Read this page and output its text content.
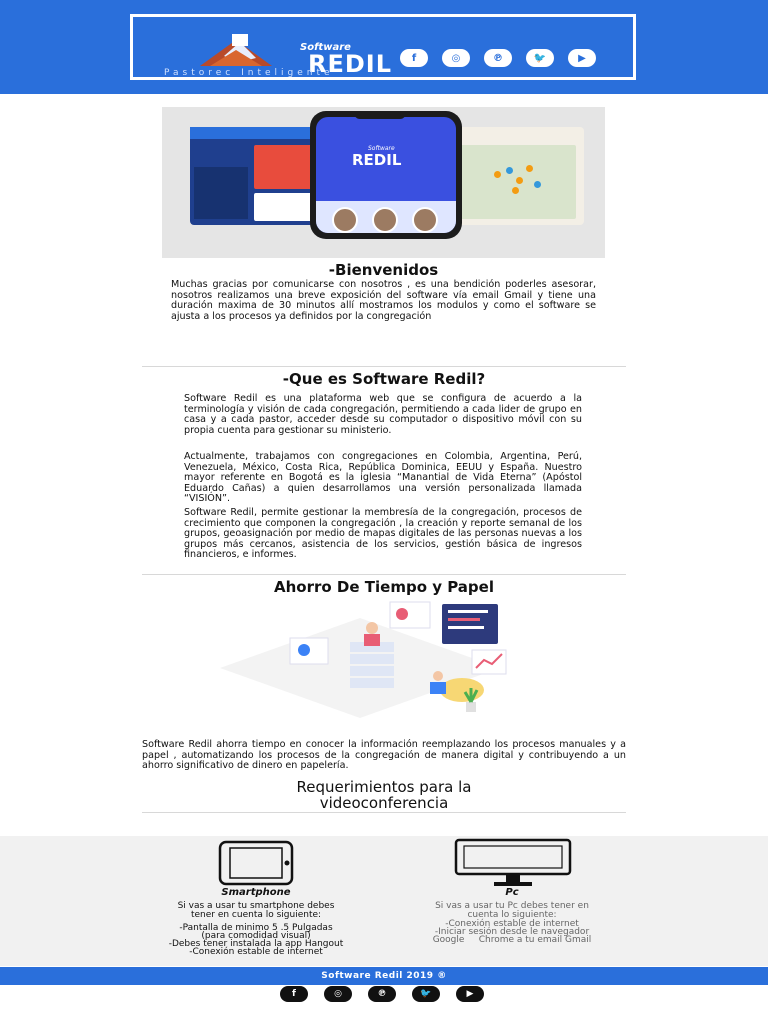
Software
REDIL
Pastorec Inteligente
f	◎	℗	🐦	▶
Software
REDIL
-Bienvenidos

Muchas gracias por comunicarse con nosotros , es una bendición poderles asesorar, nosotros realizamos una breve exposición del software vía email Gmail y tiene una duración maxima de 30 minutos allí mostramos los modulos y como el software se ajusta a los procesos ya definidos por la congregación

-Que es Software Redil?

Software Redil es una plataforma web que se configura de acuerdo a la terminología y visión de cada congregación, permitiendo a cada lider de grupo en casa y a cada pastor, acceder desde su computador o dispositivo móvil con su propia cuenta para gestionar su ministerio.

Actualmente, trabajamos con congregaciones en Colombia, Argentina, Perú, Venezuela, México, Costa Rica, República Dominica, EEUU y España. Nuestro mayor referente en Bogotá es la iglesia “Manantial de Vida Eterna” (Apóstol Eduardo Cañas) a quien desarrollamos una versión personalizada llamada “VISIÓN”.

Software Redil, permite gestionar la membresía de la congregación, procesos de crecimiento que componen la congregación , la creación y reporte semanal de los grupos, geoasignación por medio de mapas digitales de las personas nuevas a los grupos más cercanos, asistencia de los servicios, gestión básica de ingresos financieros, e informes.

Ahorro De Tiempo y Papel

Software Redil ahorra tiempo en conocer la información reemplazando los procesos manuales y a papel , automatizando los procesos de la congregación de manera digital y contribuyendo a un ahorro significativo de dinero en papelería.

Requerimientos para la
videoconferencia
Smartphone

Si vas a usar tu smartphone debes

tener en cuenta lo siguiente:

-Pantalla de minimo 5 .5 Pulgadas

(para comodidad visual)

-Debes tener instalada la app Hangout

-Conexión estable de internet

Pc

Si vas a usar tu Pc debes tener en

cuenta lo siguiente:

-Conexión estable de internet

-Iniciar sesión desde le navegador

Google     Chrome a tu email Gmail

Software Redil 2019 ®
f	◎	℗	🐦	▶
